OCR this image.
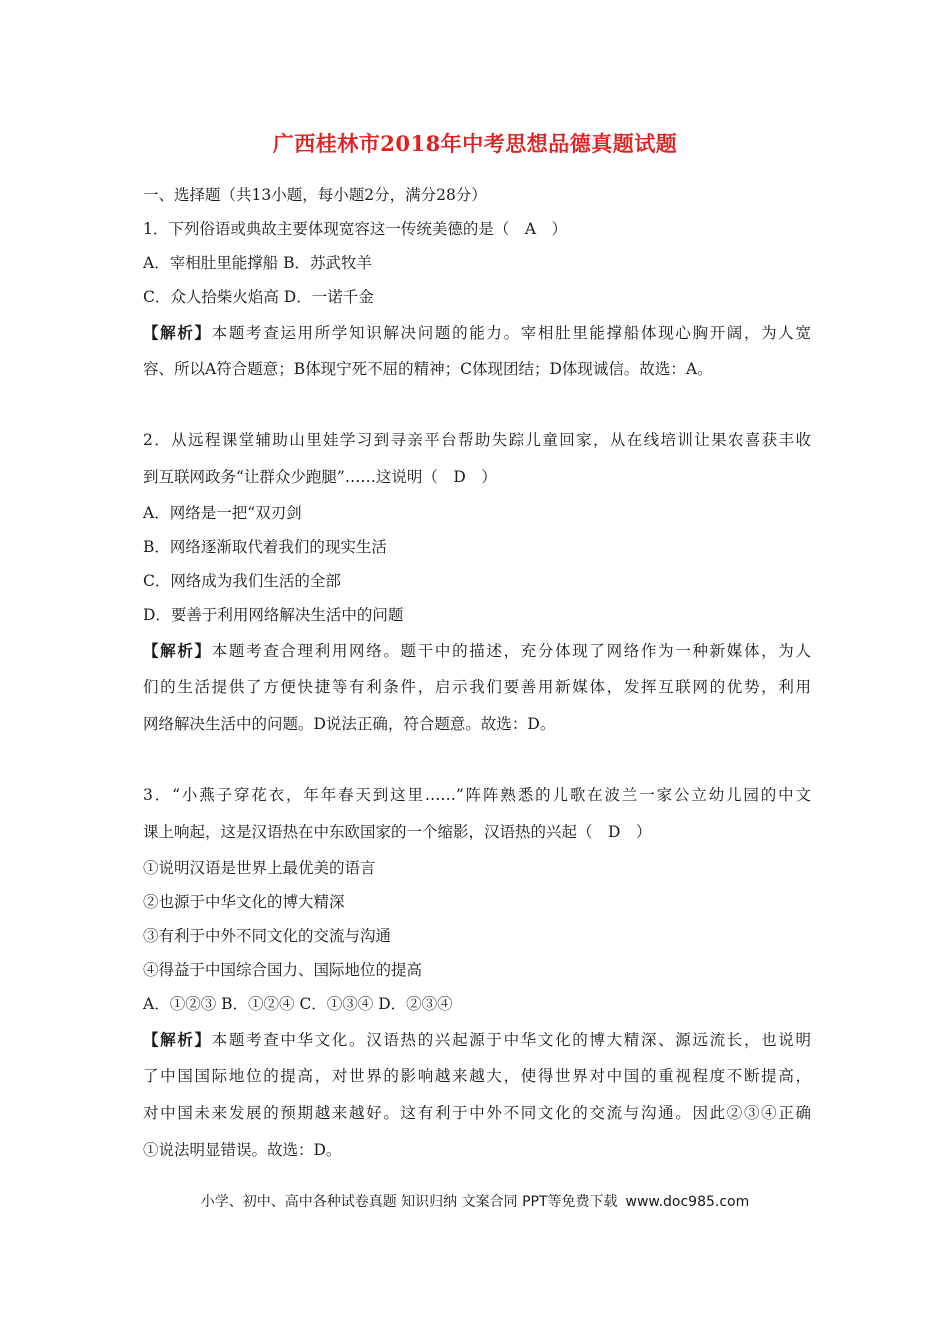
广西桂林市2018年中考思想品德真题试题
一、选择题（共13小题，每小题2分，满分28分）
1．下列俗语或典故主要体现宽容这一传统美德的是（　A　）
A．宰相肚里能撑船 B．苏武牧羊
C．众人拾柴火焰高 D．一诺千金
【解析】本题考查运用所学知识解决问题的能力。宰相肚里能撑船体现心胸开阔，为人宽
容、所以A符合题意；B体现宁死不屈的精神；C体现团结；D体现诚信。故选：A。
2．从远程课堂辅助山里娃学习到寻亲平台帮助失踪儿童回家，从在线培训让果农喜获丰收
到互联网政务“让群众少跑腿”……这说明（　D　）
A．网络是一把“双刃剑
B．网络逐渐取代着我们的现实生活
C．网络成为我们生活的全部
D．要善于利用网络解决生活中的问题
【解析】本题考查合理利用网络。题干中的描述，充分体现了网络作为一种新媒体，为人
们的生活提供了方便快捷等有利条件，启示我们要善用新媒体，发挥互联网的优势，利用
网络解决生活中的问题。D说法正确，符合题意。故选：D。
3．“小燕子穿花衣，年年春天到这里……”阵阵熟悉的儿歌在波兰一家公立幼儿园的中文
课上响起，这是汉语热在中东欧国家的一个缩影，汉语热的兴起（　D　）
①说明汉语是世界上最优美的语言
②也源于中华文化的博大精深
③有利于中外不同文化的交流与沟通
④得益于中国综合国力、国际地位的提高
A．①②③ B．①②④ C．①③④ D．②③④
【解析】本题考查中华文化。汉语热的兴起源于中华文化的博大精深、源远流长，也说明
了中国国际地位的提高，对世界的影响越来越大，使得世界对中国的重视程度不断提高，
对中国未来发展的预期越来越好。这有利于中外不同文化的交流与沟通。因此②③④正确
①说法明显错误。故选：D。
小学、初中、高中各种试卷真题 知识归纳 文案合同 PPT等免费下载 www.doc985.com
